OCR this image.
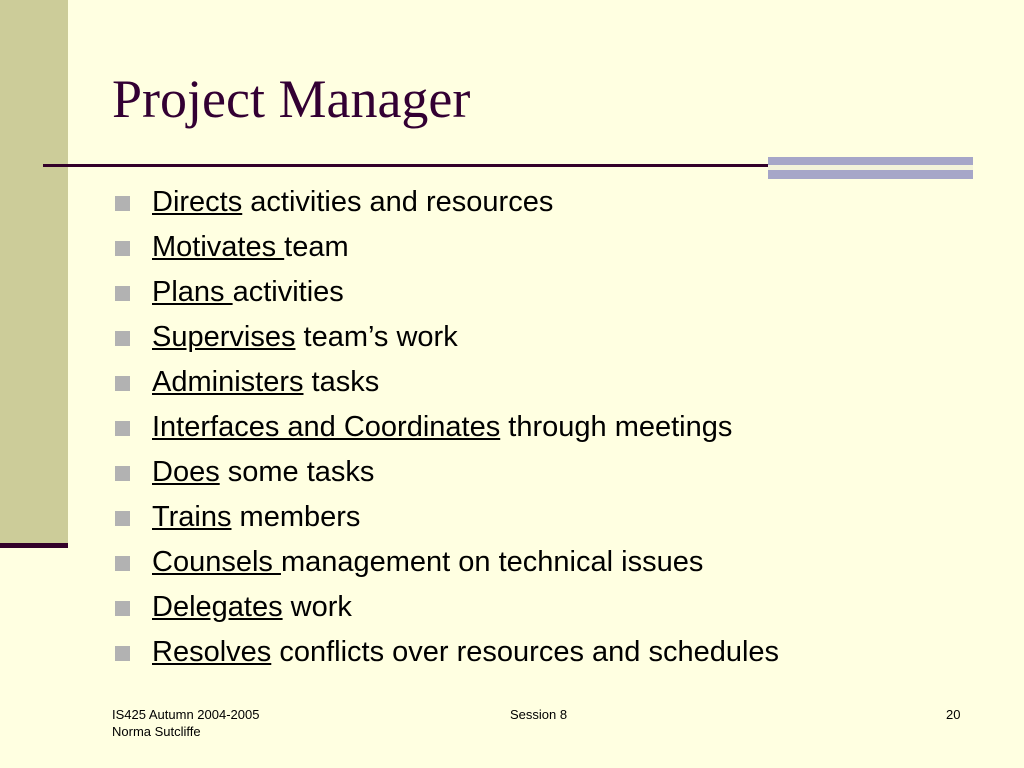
Project Manager
Directs activities and resources
Motivates team
Plans activities
Supervises team’s work
Administers tasks
Interfaces and Coordinates through meetings
Does some tasks
Trains members
Counsels management on technical issues
Delegates work
Resolves conflicts over resources and schedules
IS425 Autumn 2004-2005
Norma Sutcliffe
Session 8	20
